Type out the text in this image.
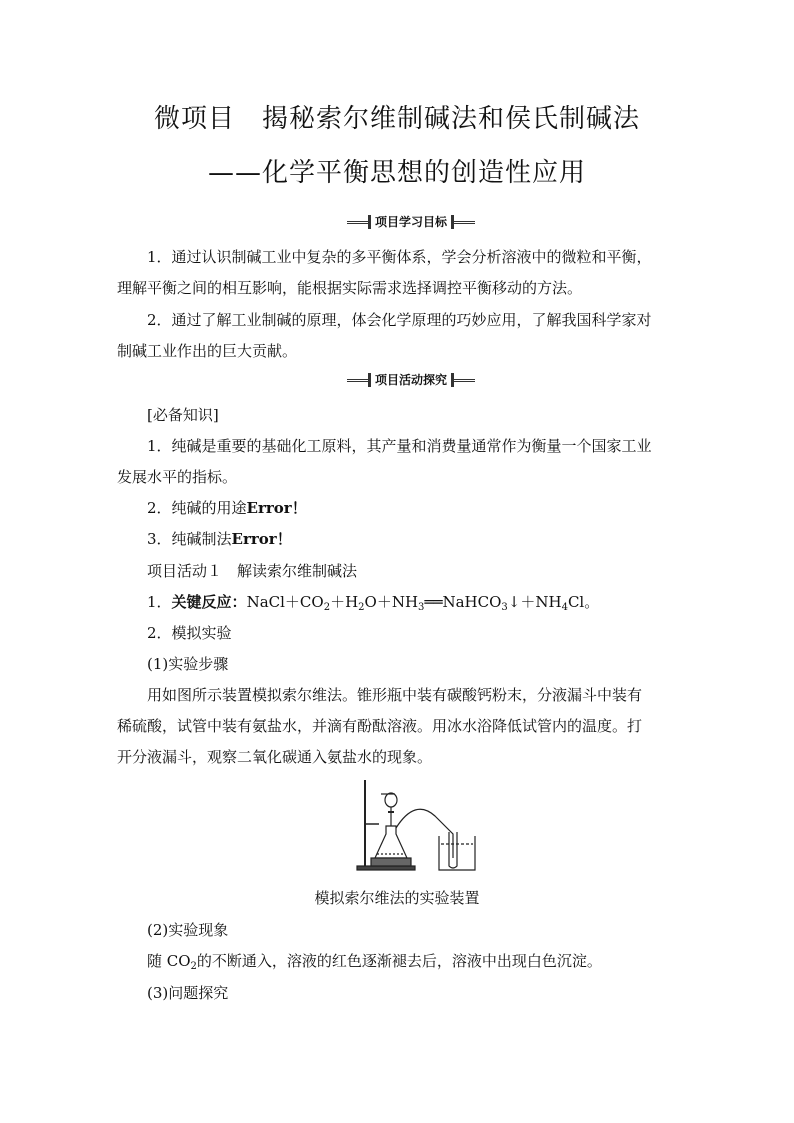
微项目　揭秘索尔维制碱法和侯氏制碱法
——化学平衡思想的创造性应用
项目学习目标
1．通过认识制碱工业中复杂的多平衡体系，学会分析溶液中的微粒和平衡，
理解平衡之间的相互影响，能根据实际需求选择调控平衡移动的方法。
2．通过了解工业制碱的原理，体会化学原理的巧妙应用，了解我国科学家对
制碱工业作出的巨大贡献。
项目活动探究
[必备知识]
1．纯碱是重要的基础化工原料，其产量和消费量通常作为衡量一个国家工业
发展水平的指标。
2．纯碱的用途Error！
3．纯碱制法Error！
项目活动１　解读索尔维制碱法
1．关键反应：$NaCl+CO_2+H_2O+NH_3══NaHCO_3↓+NH_4Cl$。
2．模拟实验
(1)实验步骤
用如图所示装置模拟索尔维法。锥形瓶中装有碳酸钙粉末，分液漏斗中装有
稀硫酸，试管中装有氨盐水，并滴有酚酞溶液。用冰水浴降低试管内的温度。打
开分液漏斗，观察二氧化碳通入氨盐水的现象。
模拟索尔维法的实验装置
(2)实验现象
随 $CO_2$的不断通入，溶液的红色逐渐褪去后，溶液中出现白色沉淀。
(3)问题探究
